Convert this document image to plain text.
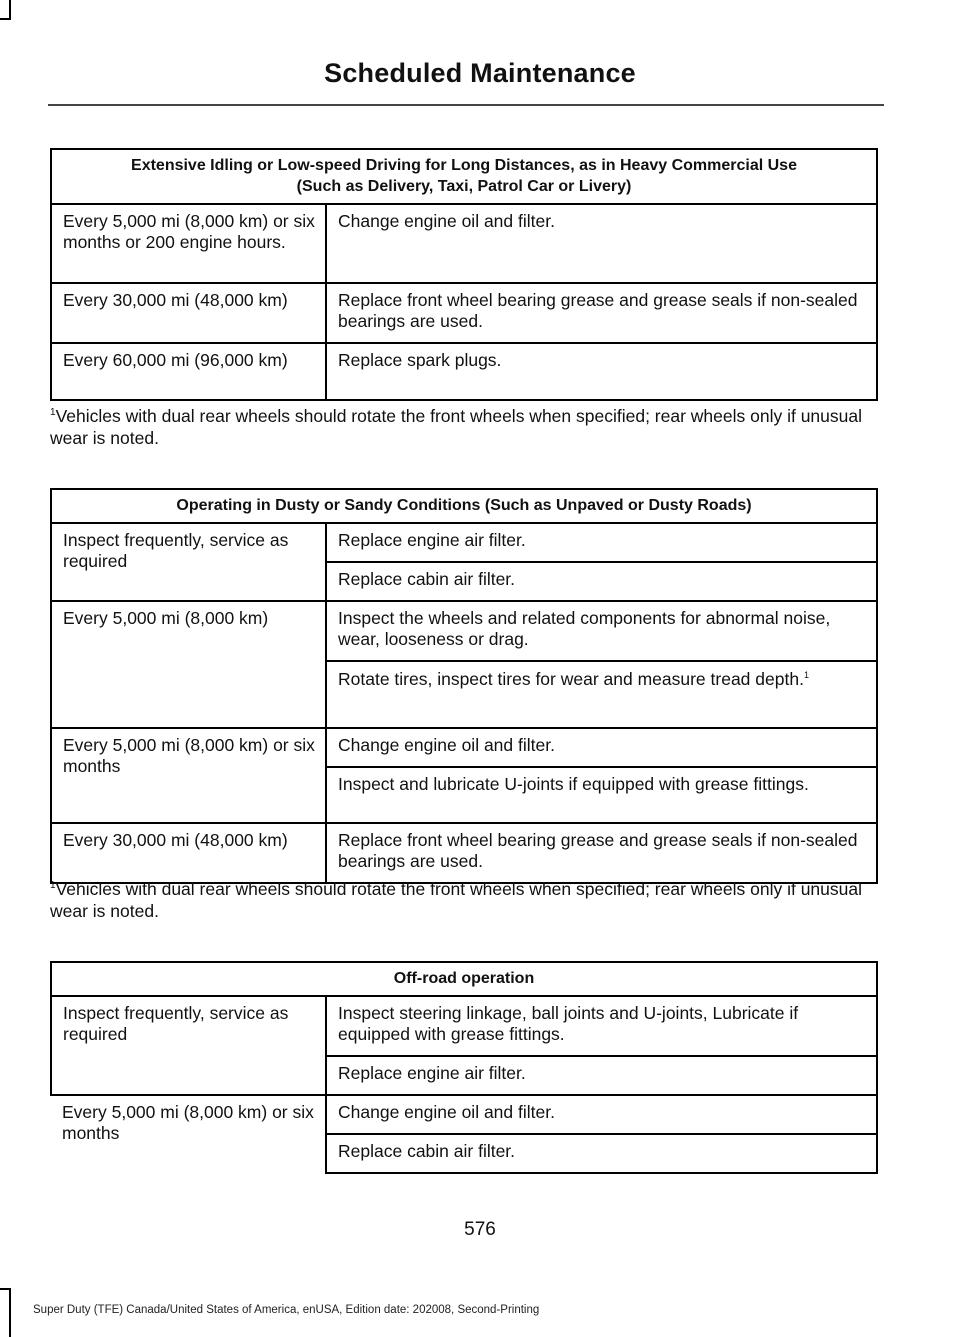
Scheduled Maintenance
Extensive Idling or Low-speed Driving for Long Distances, as in Heavy Commercial Use
(Such as Delivery, Taxi, Patrol Car or Livery)	
Every 5,000 mi (8,000 km) or six months or 200 engine hours.	Change engine oil and filter.
Every 30,000 mi (48,000 km)	Replace front wheel bearing grease and grease seals if non-sealed bearings are used.
Every 60,000 mi (96,000 km)	Replace spark plugs.
$^1$Vehicles with dual rear wheels should rotate the front wheels when specified; rear wheels only if unusual wear is noted.
Operating in Dusty or Sandy Conditions (Such as Unpaved or Dusty Roads)	
Inspect frequently, service as required	Replace engine air filter.
	Replace cabin air filter.
Every 5,000 mi (8,000 km)	Inspect the wheels and related components for abnormal noise, wear, looseness or drag.
	Rotate tires, inspect tires for wear and measure tread depth.$^1$
Every 5,000 mi (8,000 km) or six months	Change engine oil and filter.
	Inspect and lubricate U-joints if equipped with grease fittings.
Every 30,000 mi (48,000 km)	Replace front wheel bearing grease and grease seals if non-sealed bearings are used.
$^1$Vehicles with dual rear wheels should rotate the front wheels when specified; rear wheels only if unusual wear is noted.
Off-road operation	
Inspect frequently, service as required	Inspect steering linkage, ball joints and U-joints, Lubricate if equipped with grease fittings.
	Replace engine air filter.
Every 5,000 mi (8,000 km) or six months	Change engine oil and filter.
	Replace cabin air filter.
576
Super Duty (TFE) Canada/United States of America, enUSA, Edition date: 202008, Second-Printing
